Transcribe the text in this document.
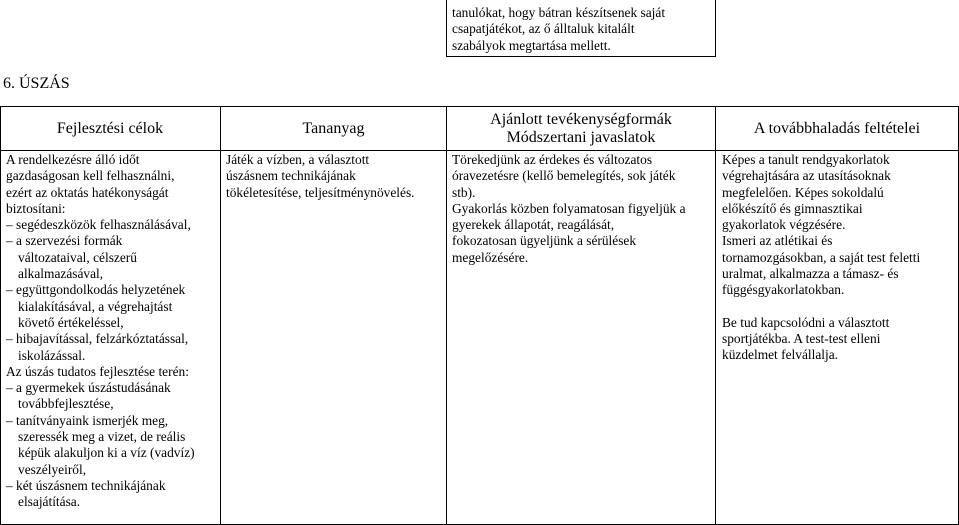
tanulókat, hogy bátran készítsenek saját
csapatjátékot, az ő álltaluk kitalált
szabályok megtartása mellett.
6. ÚSZÁS
Fejlesztési célok	Tananyag
Ajánlott tevékenységformák
Módszertani javaslatok
A továbbhaladás feltételei
A rendelkezésre álló időt
gazdaságosan kell felhasználni,
ezért az oktatás hatékonyságát
biztosítani:
– segédeszközök felhasználásával,
– a szervezési formák
változataival, célszerű
alkalmazásával,
– együttgondolkodás helyzetének
kialakításával, a végrehajtást
követő értékeléssel,
– hibajavítással, felzárkóztatással,
iskolázással.
Az úszás tudatos fejlesztése terén:
– a gyermekek úszástudásának
továbbfejlesztése,
– tanítványaink ismerjék meg,
szeressék meg a vizet, de reális
képük alakuljon ki a víz (vadvíz)
veszélyeiről,
– két úszásnem technikájának
elsajátítása.
Játék a vízben, a választott
úszásnem technikájának
tökéletesítése, teljesítménynövelés.
Törekedjünk az érdekes és változatos
óravezetésre (kellő bemelegítés, sok játék
stb).
Gyakorlás közben folyamatosan figyeljük a
gyerekek állapotát, reagálását,
fokozatosan ügyeljünk a sérülések
megelőzésére.
Képes a tanult rendgyakorlatok
végrehajtására az utasításoknak
megfelelően. Képes sokoldalú
előkészítő és gimnasztikai
gyakorlatok végzésére.
Ismeri az atlétikai és
tornamozgásokban, a saját test feletti
uralmat, alkalmazza a támasz- és
függésgyakorlatokban.
Be tud kapcsolódni a választott
sportjátékba. A test-test elleni
küzdelmet felvállalja.
